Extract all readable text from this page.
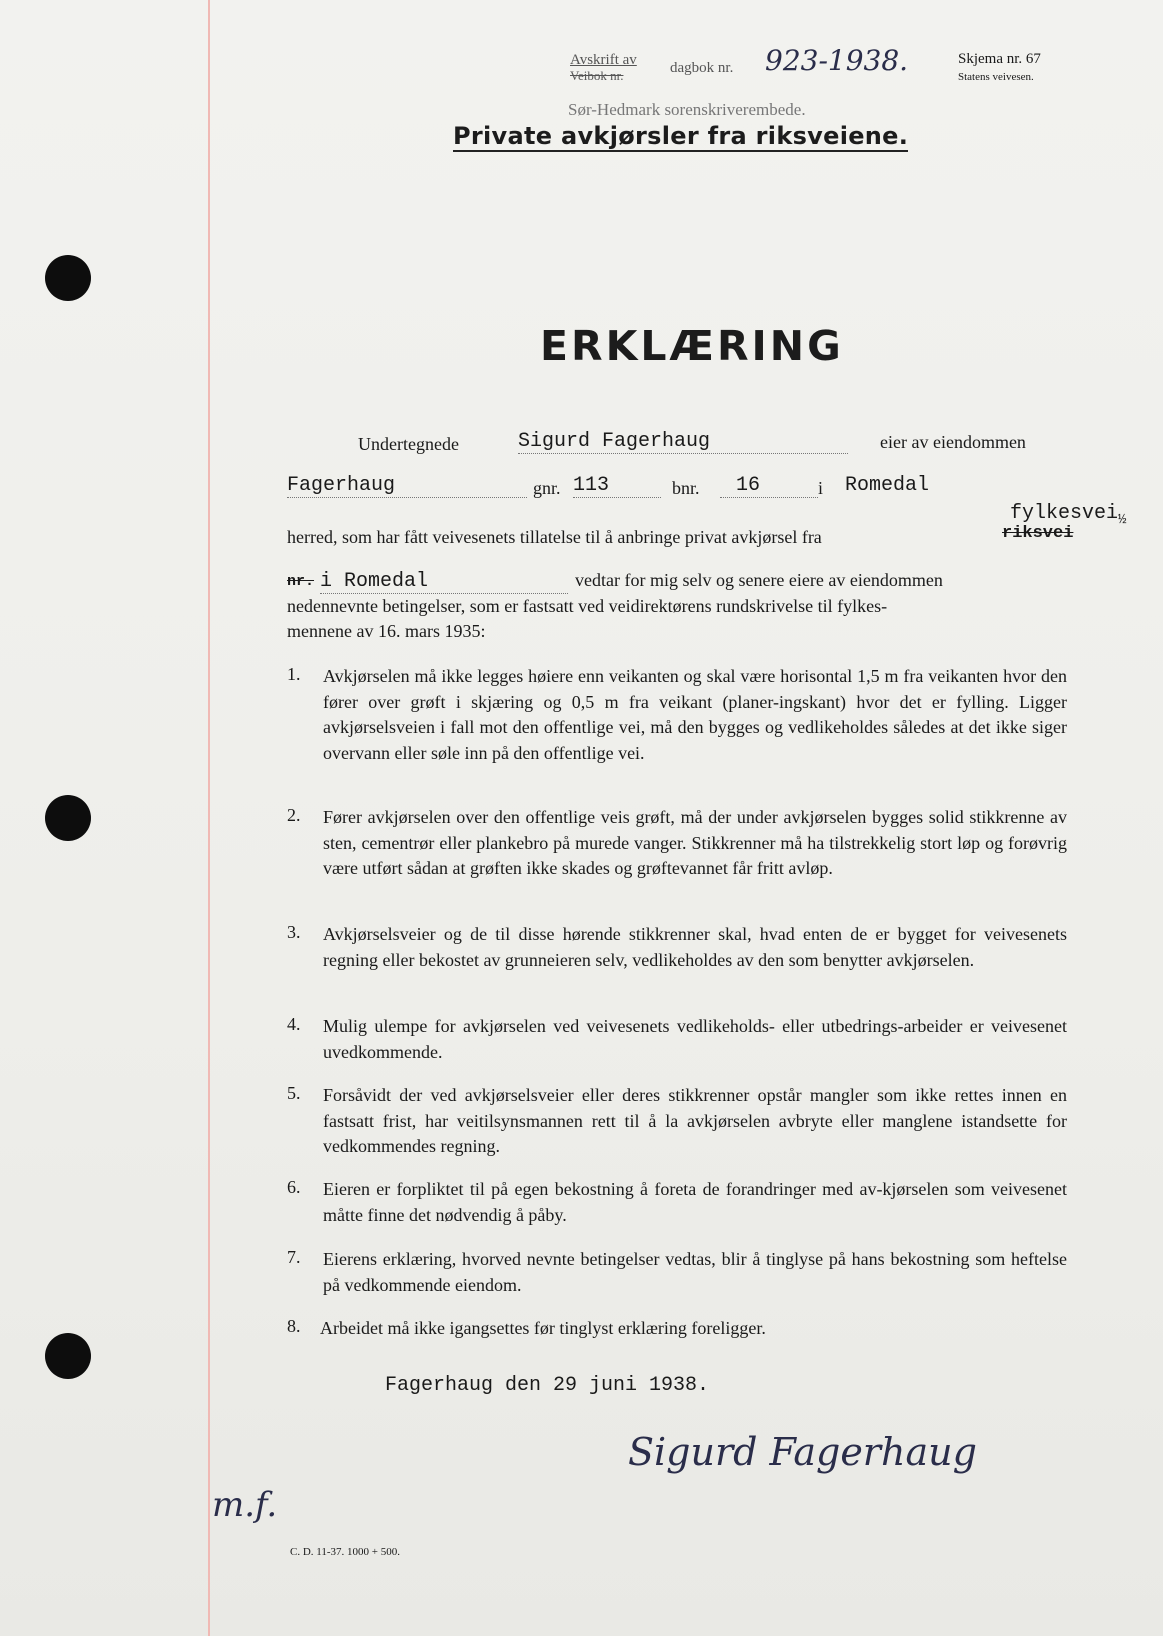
Avskrift av
Veibok nr.	dagbok nr. 923-1938.
Sør-Hedmark sorenskriverembede.
Private avkjørsler fra riksveiene.
Skjema nr. 67
Statens veivesen.
ERKLÆRING
Undertegnede	Sigurd Fagerhaug	eier av eiendommen
Fagerhaug	gnr. 113	bnr.	16	i Romedal
herred, som har fått veivesenets tillatelse til å anbringe privat avkjørsel fra	riksvei
fylkesvei ½
nr. i Romedal	vedtar for mig selv og senere eiere av eiendommen
nedennevnte betingelser, som er fastsatt ved veidirektørens rundskrivelse til fylkes-
mennene av 16. mars 1935:
1. Avkjørselen må ikke legges høiere enn veikanten og skal være horisontal 1,5 m fra veikanten hvor den fører over grøft i skjæring og 0,5 m fra veikant (planer-ingskant) hvor det er fylling. Ligger avkjørselsveien i fall mot den offentlige vei, må den bygges og vedlikeholdes således at det ikke siger overvann eller søle inn på den offentlige vei.
2. Fører avkjørselen over den offentlige veis grøft, må der under avkjørselen bygges solid stikkrenne av sten, cementrør eller plankebro på murede vanger. Stikkrenner må ha tilstrekkelig stort løp og forøvrig være utført sådan at grøften ikke skades og grøftevannet får fritt avløp.
3. Avkjørselsveier og de til disse hørende stikkrenner skal, hvad enten de er bygget for veivesenets regning eller bekostet av grunneieren selv, vedlikeholdes av den som benytter avkjørselen.
4. Mulig ulempe for avkjørselen ved veivesenets vedlikeholds- eller utbedrings-arbeider er veivesenet uvedkommende.
5. Forsåvidt der ved avkjørselsveier eller deres stikkrenner opstår mangler som ikke rettes innen en fastsatt frist, har veitilsynsmannen rett til å la avkjørselen avbryte eller manglene istandsette for vedkommendes regning.
6. Eieren er forpliktet til på egen bekostning å foreta de forandringer med av-kjørselen som veivesenet måtte finne det nødvendig å påby.
7. Eierens erklæring, hvorved nevnte betingelser vedtas, blir å tinglyse på hans bekostning som heftelse på vedkommende eiendom.
8. Arbeidet må ikke igangsettes før tinglyst erklæring foreligger.
Fagerhaug den 29 juni 1938.
Sigurd Fagerhaug
m.f.
C. D. 11-37. 1000 + 500.
